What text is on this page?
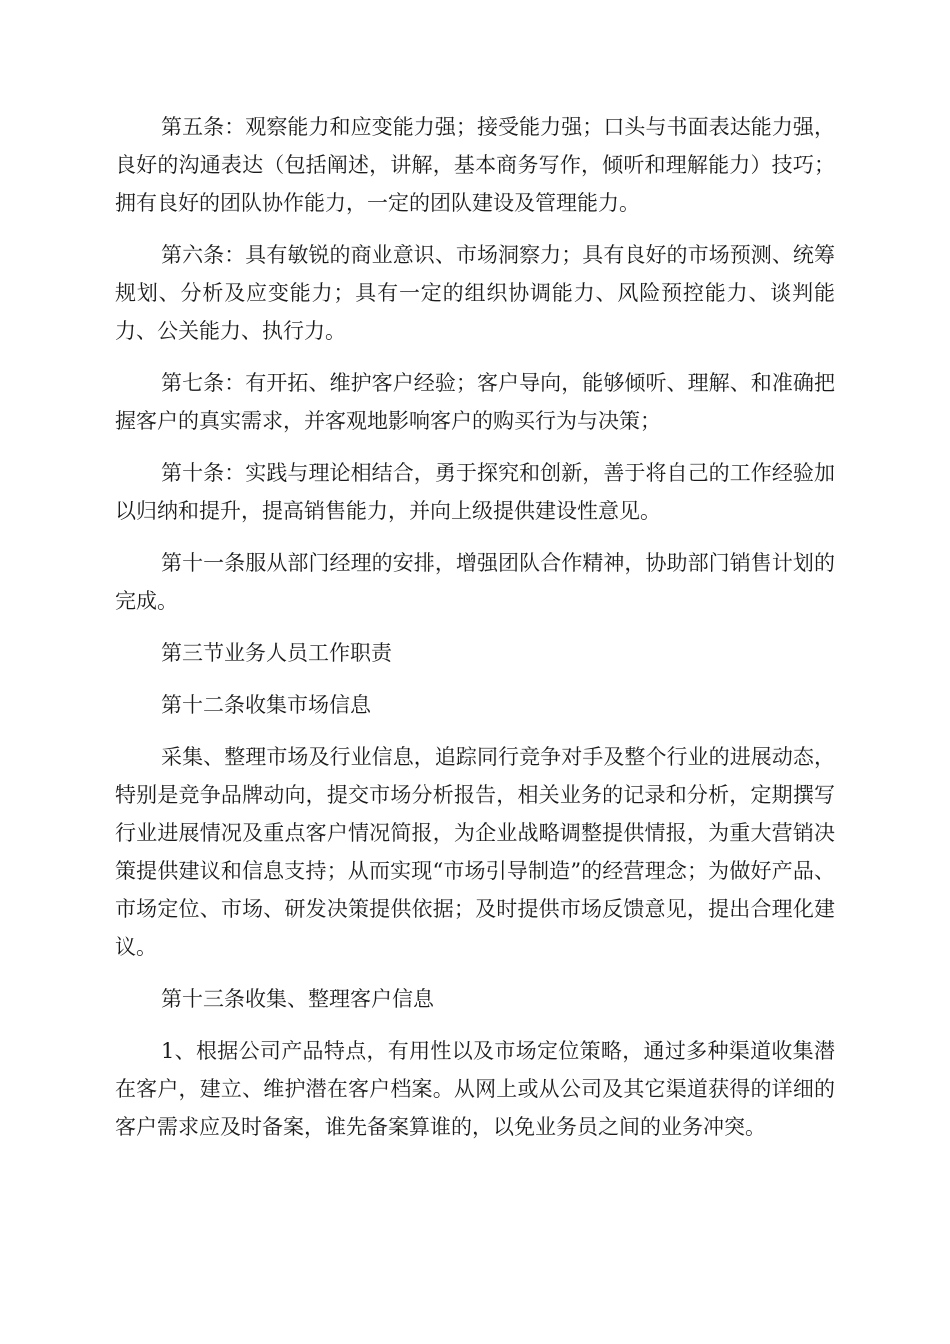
第五条：观察能力和应变能力强；接受能力强；口头与书面表达能力强，良好的沟通表达（包括阐述，讲解，基本商务写作，倾听和理解能力）技巧；拥有良好的团队协作能力，一定的团队建设及管理能力。

第六条：具有敏锐的商业意识、市场洞察力；具有良好的市场预测、统筹规划、分析及应变能力；具有一定的组织协调能力、风险预控能力、谈判能力、公关能力、执行力。

第七条：有开拓、维护客户经验；客户导向，能够倾听、理解、和准确把握客户的真实需求，并客观地影响客户的购买行为与决策；

第十条：实践与理论相结合，勇于探究和创新，善于将自己的工作经验加以归纳和提升，提高销售能力，并向上级提供建设性意见。

第十一条服从部门经理的安排，增强团队合作精神，协助部门销售计划的完成。

第三节业务人员工作职责

第十二条收集市场信息

采集、整理市场及行业信息，追踪同行竞争对手及整个行业的进展动态，特别是竞争品牌动向，提交市场分析报告，相关业务的记录和分析，定期撰写行业进展情况及重点客户情况简报，为企业战略调整提供情报，为重大营销决策提供建议和信息支持；从而实现“市场引导制造”的经营理念；为做好产品、市场定位、市场、研发决策提供依据；及时提供市场反馈意见，提出合理化建议。

第十三条收集、整理客户信息

1、根据公司产品特点，有用性以及市场定位策略，通过多种渠道收集潜在客户，建立、维护潜在客户档案。从网上或从公司及其它渠道获得的详细的客户需求应及时备案，谁先备案算谁的，以免业务员之间的业务冲突。
